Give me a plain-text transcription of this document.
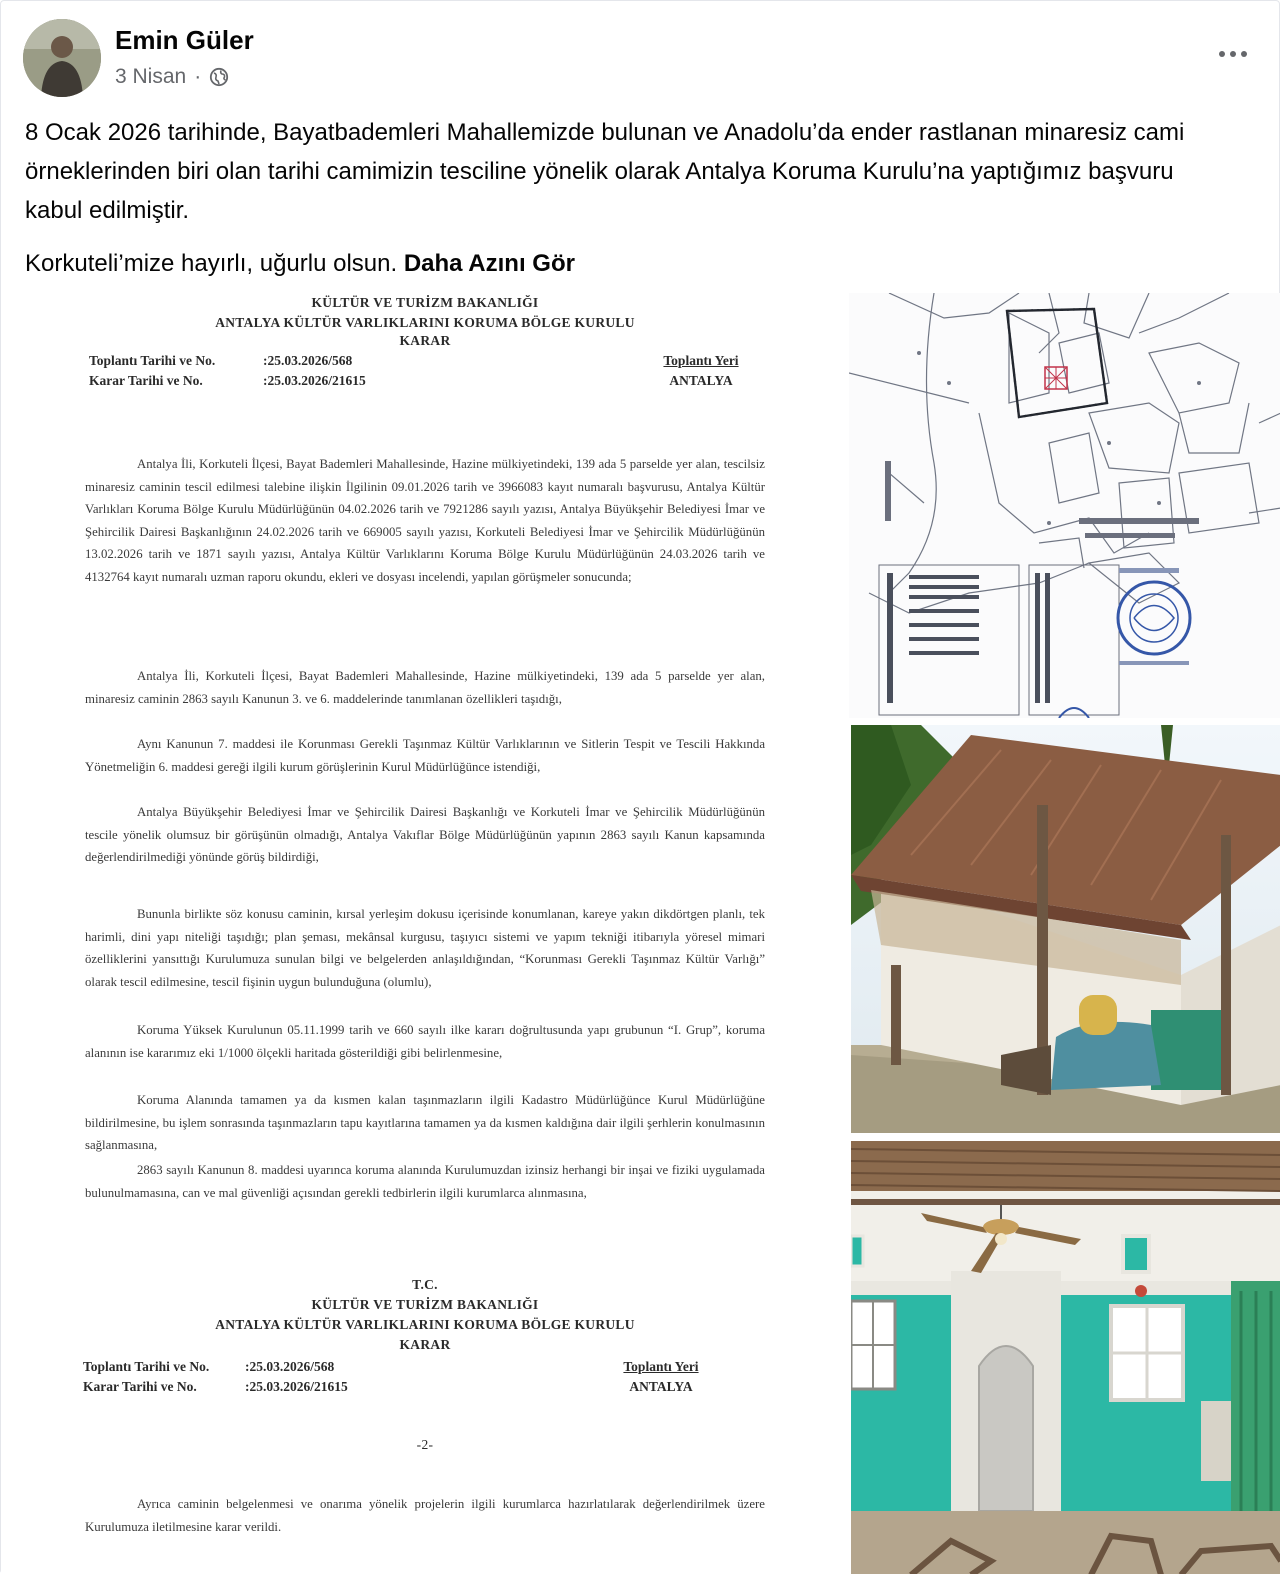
Emin Güler
3 Nisan ·

8 Ocak 2026 tarihinde, Bayatbademleri Mahallemizde bulunan ve Anadolu’da ender rastlanan minaresiz cami örneklerinden biri olan tarihi camimizin tesciline yönelik olarak Antalya Koruma Kurulu’na yaptığımız başvuru kabul edilmiştir.

Korkuteli’mize hayırlı, uğurlu olsun. Daha Azını Gör

KÜLTÜR VE TURİZM BAKANLIĞI
ANTALYA KÜLTÜR VARLIKLARINI KORUMA BÖLGE KURULU
KARAR
Toplantı Tarihi ve No.	:25.03.2026/568
Karar Tarihi ve No.	:25.03.2026/21615
Toplantı Yeri
ANTALYA
Antalya İli, Korkuteli İlçesi, Bayat Bademleri Mahallesinde, Hazine mülkiyetindeki, 139 ada 5 parselde yer alan, tescilsiz minaresiz caminin tescil edilmesi talebine ilişkin İlgilinin 09.01.2026 tarih ve 3966083 kayıt numaralı başvurusu, Antalya Kültür Varlıkları Koruma Bölge Kurulu Müdürlüğünün 04.02.2026 tarih ve 7921286 sayılı yazısı, Antalya Büyükşehir Belediyesi İmar ve Şehircilik Dairesi Başkanlığının 24.02.2026 tarih ve 669005 sayılı yazısı, Korkuteli Belediyesi İmar ve Şehircilik Müdürlüğünün 13.02.2026 tarih ve 1871 sayılı yazısı, Antalya Kültür Varlıklarını Koruma Bölge Kurulu Müdürlüğünün 24.03.2026 tarih ve 4132764 kayıt numaralı uzman raporu okundu, ekleri ve dosyası incelendi, yapılan görüşmeler sonucunda;
Antalya İli, Korkuteli İlçesi, Bayat Bademleri Mahallesinde, Hazine mülkiyetindeki, 139 ada 5 parselde yer alan, minaresiz caminin 2863 sayılı Kanunun 3. ve 6. maddelerinde tanımlanan özellikleri taşıdığı,
Aynı Kanunun 7. maddesi ile Korunması Gerekli Taşınmaz Kültür Varlıklarının ve Sitlerin Tespit ve Tescili Hakkında Yönetmeliğin 6. maddesi gereği ilgili kurum görüşlerinin Kurul Müdürlüğünce istendiği,
Antalya Büyükşehir Belediyesi İmar ve Şehircilik Dairesi Başkanlığı ve Korkuteli İmar ve Şehircilik Müdürlüğünün tescile yönelik olumsuz bir görüşünün olmadığı, Antalya Vakıflar Bölge Müdürlüğünün yapının 2863 sayılı Kanun kapsamında değerlendirilmediği yönünde görüş bildirdiği,
Bununla birlikte söz konusu caminin, kırsal yerleşim dokusu içerisinde konumlanan, kareye yakın dikdörtgen planlı, tek harimli, dini yapı niteliği taşıdığı; plan şeması, mekânsal kurgusu, taşıyıcı sistemi ve yapım tekniği itibarıyla yöresel mimari özelliklerini yansıttığı Kurulumuza sunulan bilgi ve belgelerden anlaşıldığından, “Korunması Gerekli Taşınmaz Kültür Varlığı” olarak tescil edilmesine, tescil fişinin uygun bulunduğuna (olumlu),
Koruma Yüksek Kurulunun 05.11.1999 tarih ve 660 sayılı ilke kararı doğrultusunda yapı grubunun “I. Grup”, koruma alanının ise kararımız eki 1/1000 ölçekli haritada gösterildiği gibi belirlenmesine,
Koruma Alanında tamamen ya da kısmen kalan taşınmazların ilgili Kadastro Müdürlüğünce Kurul Müdürlüğüne bildirilmesine, bu işlem sonrasında taşınmazların tapu kayıtlarına tamamen ya da kısmen kaldığına dair ilgili şerhlerin konulmasının sağlanmasına,
2863 sayılı Kanunun 8. maddesi uyarınca koruma alanında Kurulumuzdan izinsiz herhangi bir inşai ve fiziki uygulamada bulunulmamasına, can ve mal güvenliği açısından gerekli tedbirlerin ilgili kurumlarca alınmasına,
T.C.
KÜLTÜR VE TURİZM BAKANLIĞI
ANTALYA KÜLTÜR VARLIKLARINI KORUMA BÖLGE KURULU
KARAR
Toplantı Tarihi ve No.	:25.03.2026/568
Karar Tarihi ve No.	:25.03.2026/21615
Toplantı Yeri
ANTALYA
-2-
Ayrıca caminin belgelenmesi ve onarıma yönelik projelerin ilgili kurumlarca hazırlatılarak değerlendirilmek üzere Kurulumuza iletilmesine karar verildi.
